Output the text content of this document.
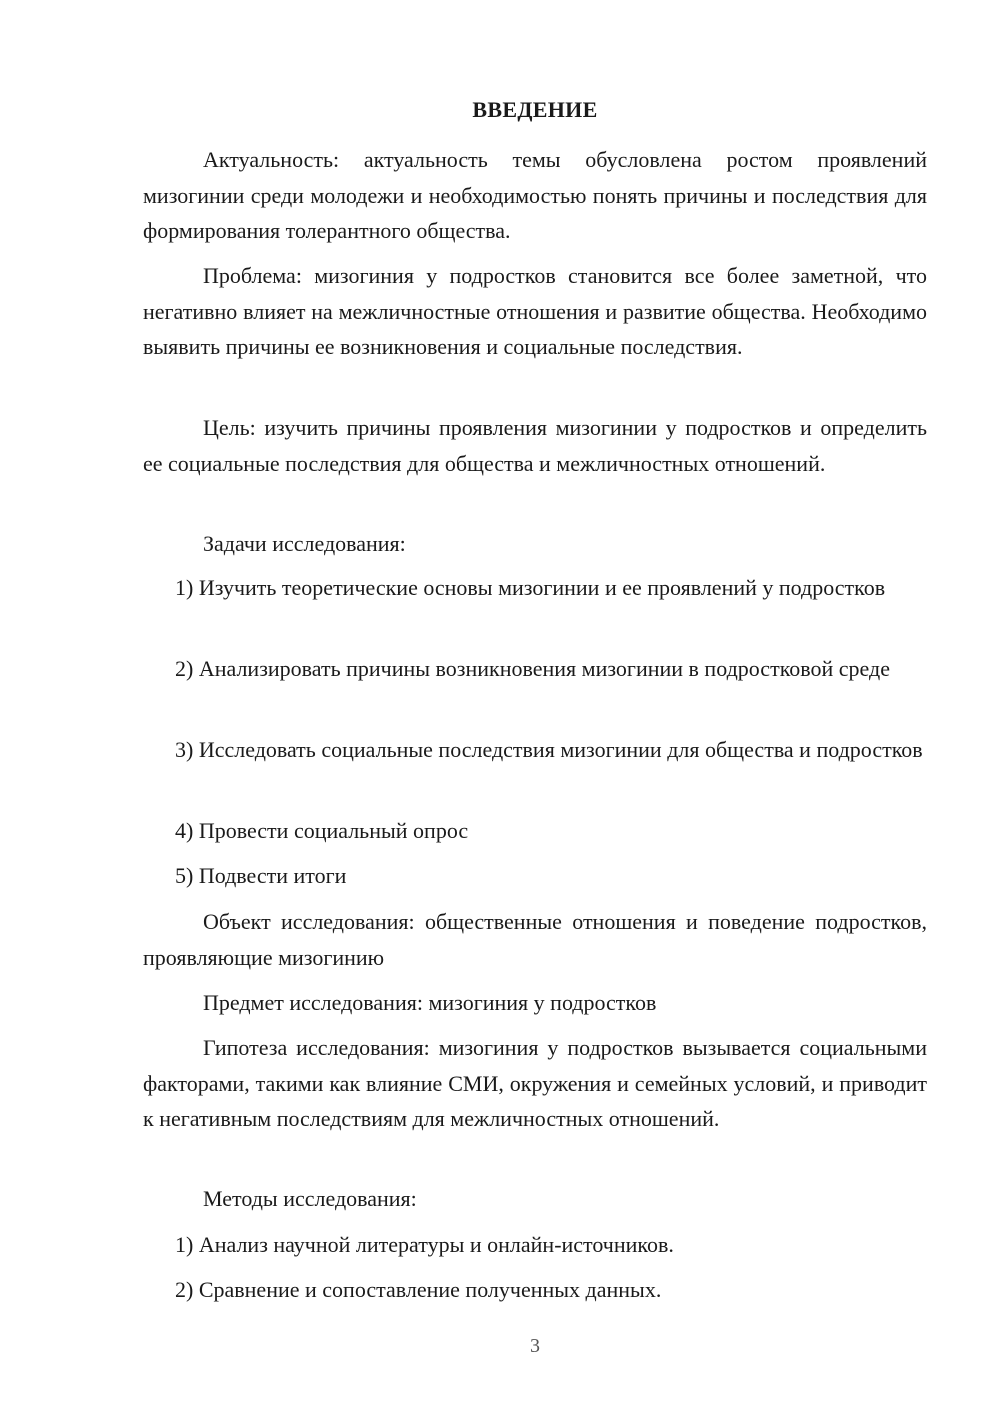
ВВЕДЕНИЕ

Актуальность: актуальность темы обусловлена ростом проявлений мизогинии среди молодежи и необходимостью понять причины и последствия для формирования толерантного общества.

Проблема: мизогиния у подростков становится все более заметной, что негативно влияет на межличностные отношения и развитие общества. Необходимо выявить причины ее возникновения и социальные последствия.

Цель: изучить причины проявления мизогинии у подростков и определить ее социальные последствия для общества и межличностных отношений.

Задачи исследования:

1) Изучить теоретические основы мизогинии и ее проявлений у подростков

2) Анализировать причины возникновения мизогинии в подростковой среде

3) Исследовать социальные последствия мизогинии для общества и подростков

4) Провести социальный опрос

5) Подвести итоги

Объект исследования: общественные отношения и поведение подростков, проявляющие мизогинию

Предмет исследования: мизогиния у подростков

Гипотеза исследования: мизогиния у подростков вызывается социальными факторами, такими как влияние СМИ, окружения и семейных условий, и приводит к негативным последствиям для межличностных отношений.

Методы исследования:

1) Анализ научной литературы и онлайн-источников.

2) Сравнение и сопоставление полученных данных.

3
